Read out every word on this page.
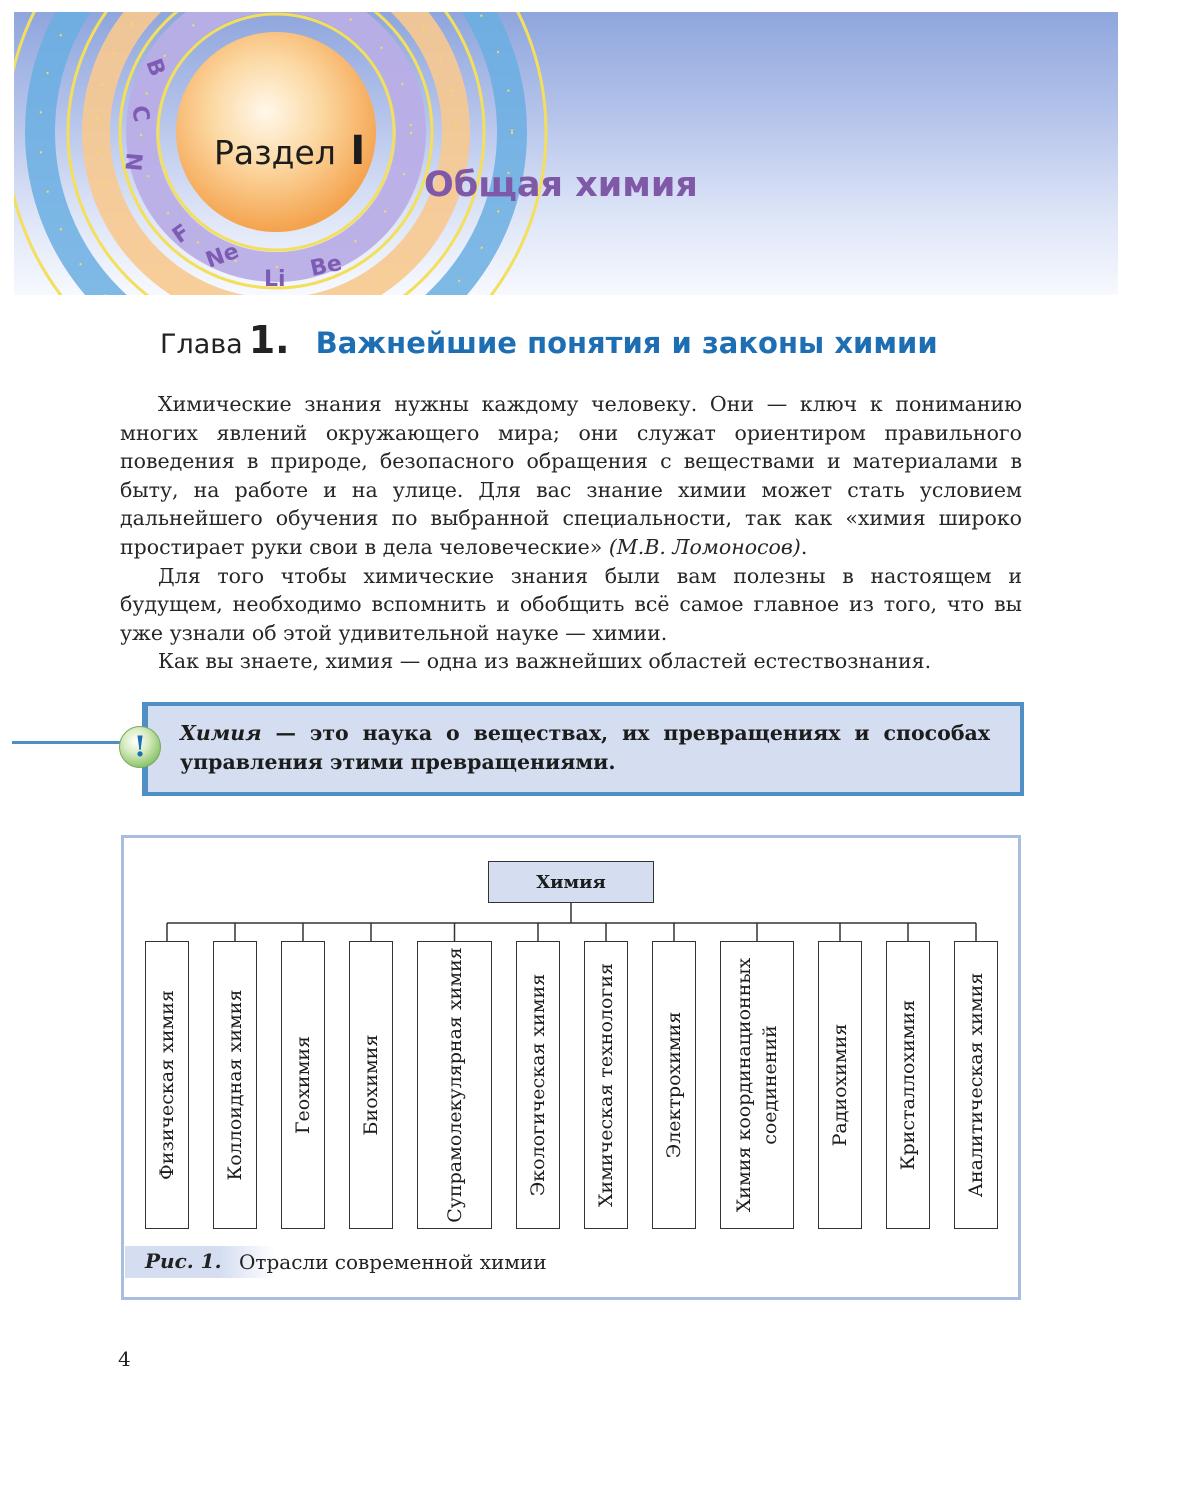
B
C
N
F
Ne
Li Be
Раздел I
Общая химия
Глава 1. Важнейшие понятия и законы химии

Химические знания нужны каждому человеку. Они — ключ к пониманию многих явлений окружающего мира; они служат ориентиром правильного поведения в природе, безопасного обращения с веществами и материалами в быту, на работе и на улице. Для вас знание химии может стать условием дальнейшего обучения по выбранной специальности, так как «химия широко простирает руки свои в дела человеческие» (М.В. Ломоносов).

Для того чтобы химические знания были вам полезны в настоящем и будущем, необходимо вспомнить и обобщить всё самое главное из того, что вы уже узнали об этой удивительной науке — химии.

Как вы знаете, химия — одна из важнейших областей естествознания.

!	Химия — это наука о веществах, их превращениях и способах управления этими превращениями.
Химия
Физическая химия Коллоидная химия Геохимия Биохимия	Супрамолекулярная химия	Экологическая химия Химическая технология Электрохимия	Химия координационных соединений	Радиохимия Кристаллохимия Аналитическая химия
Рис. 1. Отрасли современной химии
4
